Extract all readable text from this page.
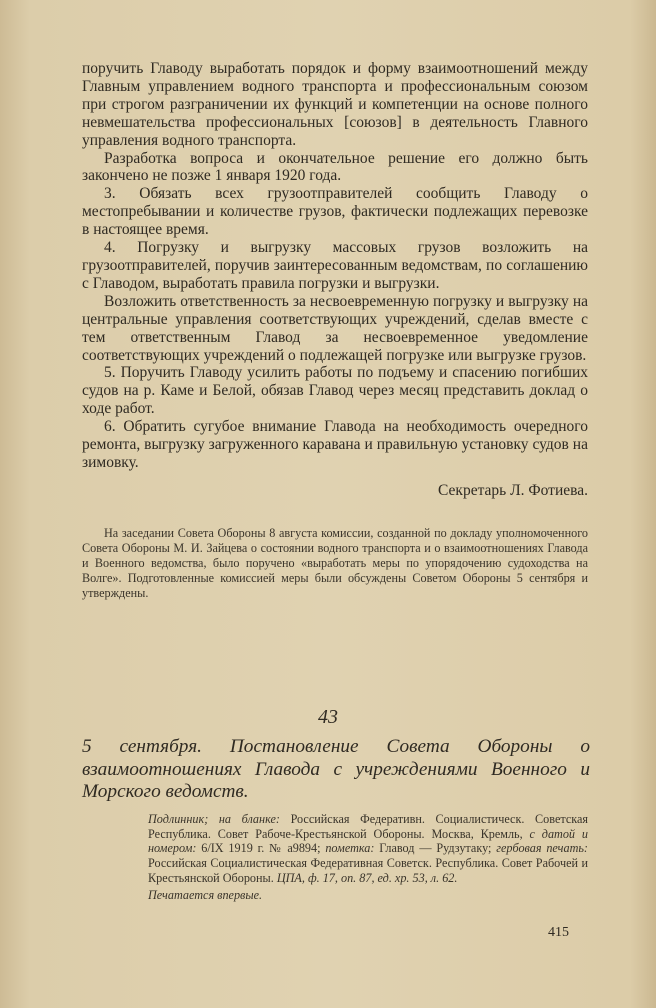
поручить Главоду выработать порядок и форму взаимоотношений между Главным управлением водного транспорта и профессиональным союзом при строгом разграничении их функций и компетенции на основе полного невмешательства профессиональных [союзов] в деятельность Главного управления водного транспорта.

Разработка вопроса и окончательное решение его должно быть закончено не позже 1 января 1920 года.

3. Обязать всех грузоотправителей сообщить Главоду о местопребывании и количестве грузов, фактически подлежащих перевозке в настоящее время.

4. Погрузку и выгрузку массовых грузов возложить на грузоотправителей, поручив заинтересованным ведомствам, по соглашению с Главодом, выработать правила погрузки и выгрузки.

Возложить ответственность за несвоевременную погрузку и выгрузку на центральные управления соответствующих учреждений, сделав вместе с тем ответственным Главод за несвоевременное уведомление соответствующих учреждений о подлежащей погрузке или выгрузке грузов.

5. Поручить Главоду усилить работы по подъему и спасению погибших судов на р. Каме и Белой, обязав Главод через месяц представить доклад о ходе работ.

6. Обратить сугубое внимание Главода на необходимость очередного ремонта, выгрузку загруженного каравана и правильную установку судов на зимовку.

Секретарь Л. Фотиева.

На заседании Совета Обороны 8 августа комиссии, созданной по докладу уполномоченного Совета Обороны М. И. Зайцева о состоянии водного транспорта и о взаимоотношениях Главода и Военного ведомства, было поручено «выработать меры по упорядочению судоходства на Волге». Подготовленные комиссией меры были обсуждены Советом Обороны 5 сентября и утверждены.
43
5 сентября. Постановление Совета Обороны о взаимоотношениях Главода с учреждениями Военного и Морского ведомств.
Подлинник; на бланке: Российская Федеративн. Социалистическ. Советская Республика. Совет Рабоче-Крестьянской Обороны. Москва, Кремль, с датой и номером: 6/IX 1919 г. № а9894; пометка: Главод — Рудзутаку; гербовая печать: Российская Социалистическая Федеративная Советск. Республика. Совет Рабочей и Крестьянской Обороны. ЦПА, ф. 17, оп. 87, ед. хр. 53, л. 62.
Печатается впервые.
415
